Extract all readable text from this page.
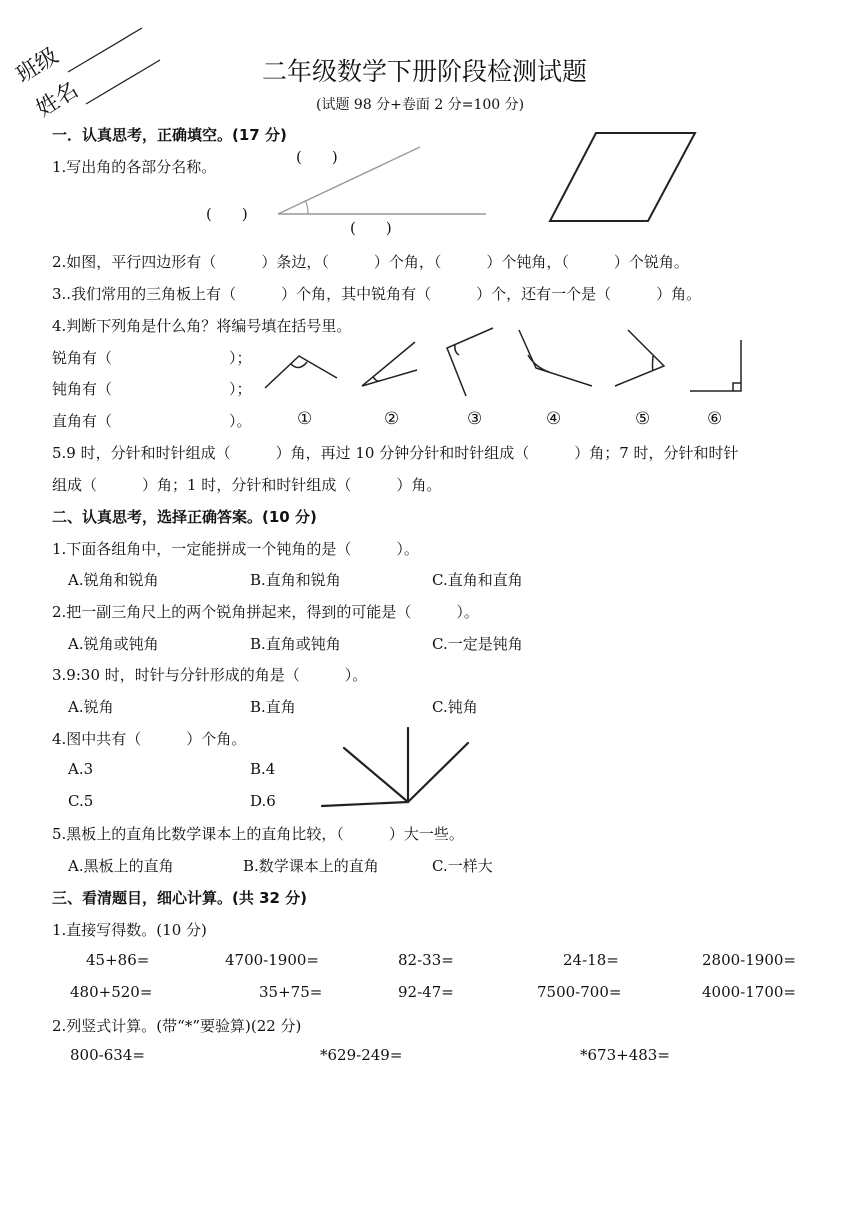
班级
姓名
二年级数学下册阶段检测试题
(试题 98 分+卷面 2 分=100 分)
一．认真思考，正确填空。(17 分)
1.写出角的各部分名称。
(　　)
(　　)
(　　)
2.如图，平行四边形有（　　　）条边，（　　　）个角，（　　　）个钝角，（　　　）个锐角。
3..我们常用的三角板上有（　　　）个角，其中锐角有（　　　）个，还有一个是（　　　）角。
4.判断下列角是什么角？将编号填在括号里。
锐角有（	）；
钝角有（	）；
直角有（	）。	①	②	③	④	⑤	⑥
5.9 时，分针和时针组成（　　　）角，再过 10 分钟分针和时针组成（　　　）角；7 时，分针和时针
组成（　　　）角；1 时，分针和时针组成（　　　）角。
二、认真思考，选择正确答案。(10 分)
1.下面各组角中，一定能拼成一个钝角的是（　　　）。
A.锐角和锐角	B.直角和锐角	C.直角和直角
2.把一副三角尺上的两个锐角拼起来，得到的可能是（　　　）。
A.锐角或钝角	B.直角或钝角	C.一定是钝角
3.9:30 时，时针与分针形成的角是（　　　）。
A.锐角	B.直角	C.钝角
4.图中共有（　　　）个角。
A.3	B.4
C.5	D.6
5.黑板上的直角比数学课本上的直角比较，（　　　）大一些。
A.黑板上的直角	B.数学课本上的直角	C.一样大
三、看清题目，细心计算。(共 32 分)
1.直接写得数。(10 分)
45+86=	4700-1900=	82-33=	24-18=	2800-1900=
480+520=	35+75=	92-47=	7500-700=	4000-1700=
2.列竖式计算。(带“*”要验算)(22 分)
800-634=	*629-249=	*673+483=
